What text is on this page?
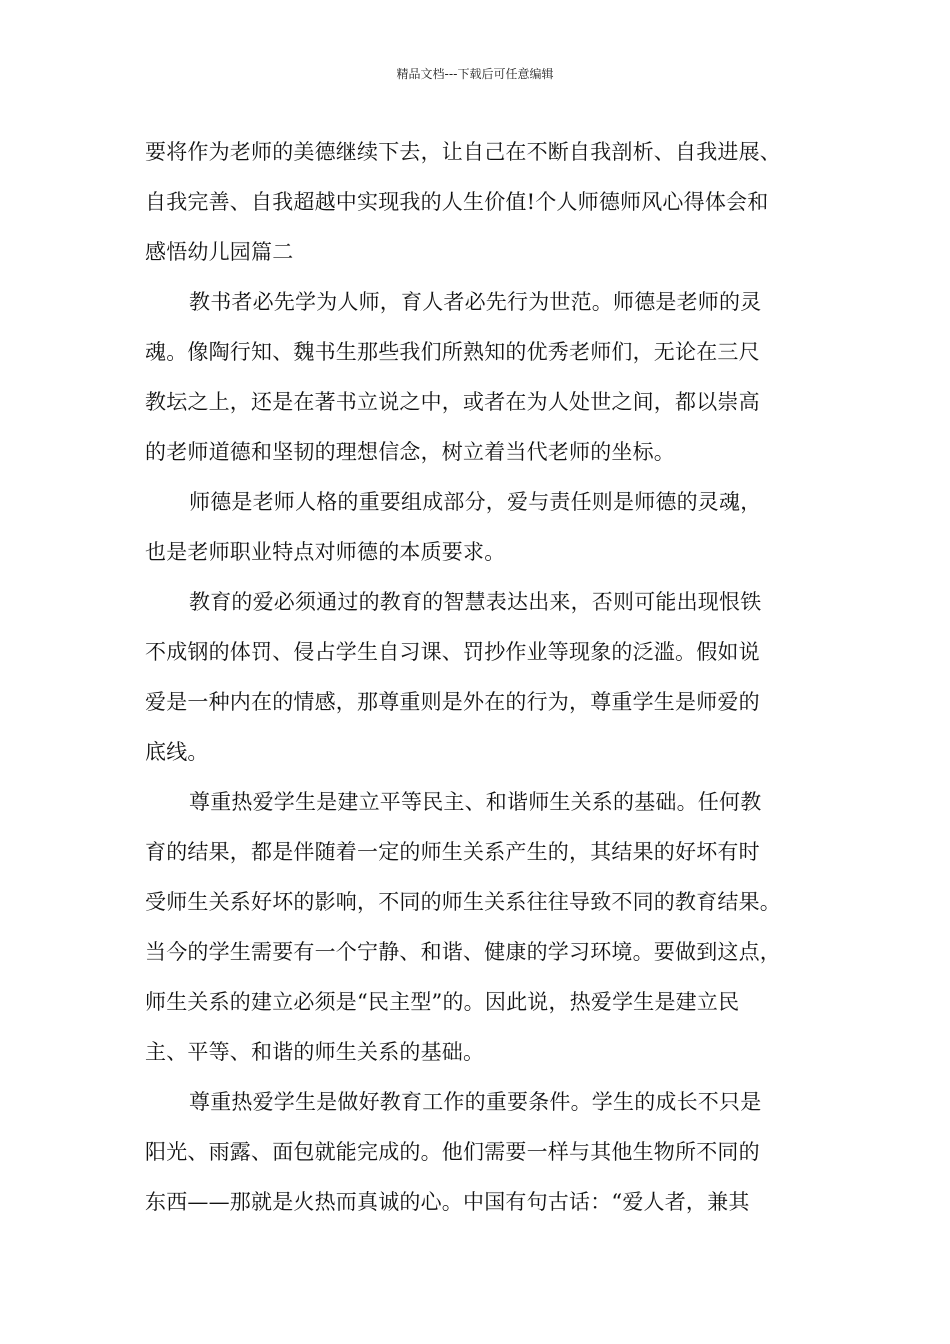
精品文档---下载后可任意编辑
要将作为老师的美德继续下去，让自己在不断自我剖析、自我进展、
自我完善、自我超越中实现我的人生价值!个人师德师风心得体会和
感悟幼儿园篇二
教书者必先学为人师，育人者必先行为世范。师德是老师的灵
魂。像陶行知、魏书生那些我们所熟知的优秀老师们，无论在三尺
教坛之上，还是在著书立说之中，或者在为人处世之间，都以崇高
的老师道德和坚韧的理想信念，树立着当代老师的坐标。
师德是老师人格的重要组成部分，爱与责任则是师德的灵魂，
也是老师职业特点对师德的本质要求。
教育的爱必须通过的教育的智慧表达出来，否则可能出现恨铁
不成钢的体罚、侵占学生自习课、罚抄作业等现象的泛滥。假如说
爱是一种内在的情感，那尊重则是外在的行为，尊重学生是师爱的
底线。
尊重热爱学生是建立平等民主、和谐师生关系的基础。任何教
育的结果，都是伴随着一定的师生关系产生的，其结果的好坏有时
受师生关系好坏的影响，不同的师生关系往往导致不同的教育结果。
当今的学生需要有一个宁静、和谐、健康的学习环境。要做到这点，
师生关系的建立必须是“民主型”的。因此说，热爱学生是建立民
主、平等、和谐的师生关系的基础。
尊重热爱学生是做好教育工作的重要条件。学生的成长不只是
阳光、雨露、面包就能完成的。他们需要一样与其他生物所不同的
东西——那就是火热而真诚的心。中国有句古话：“爱人者，兼其
